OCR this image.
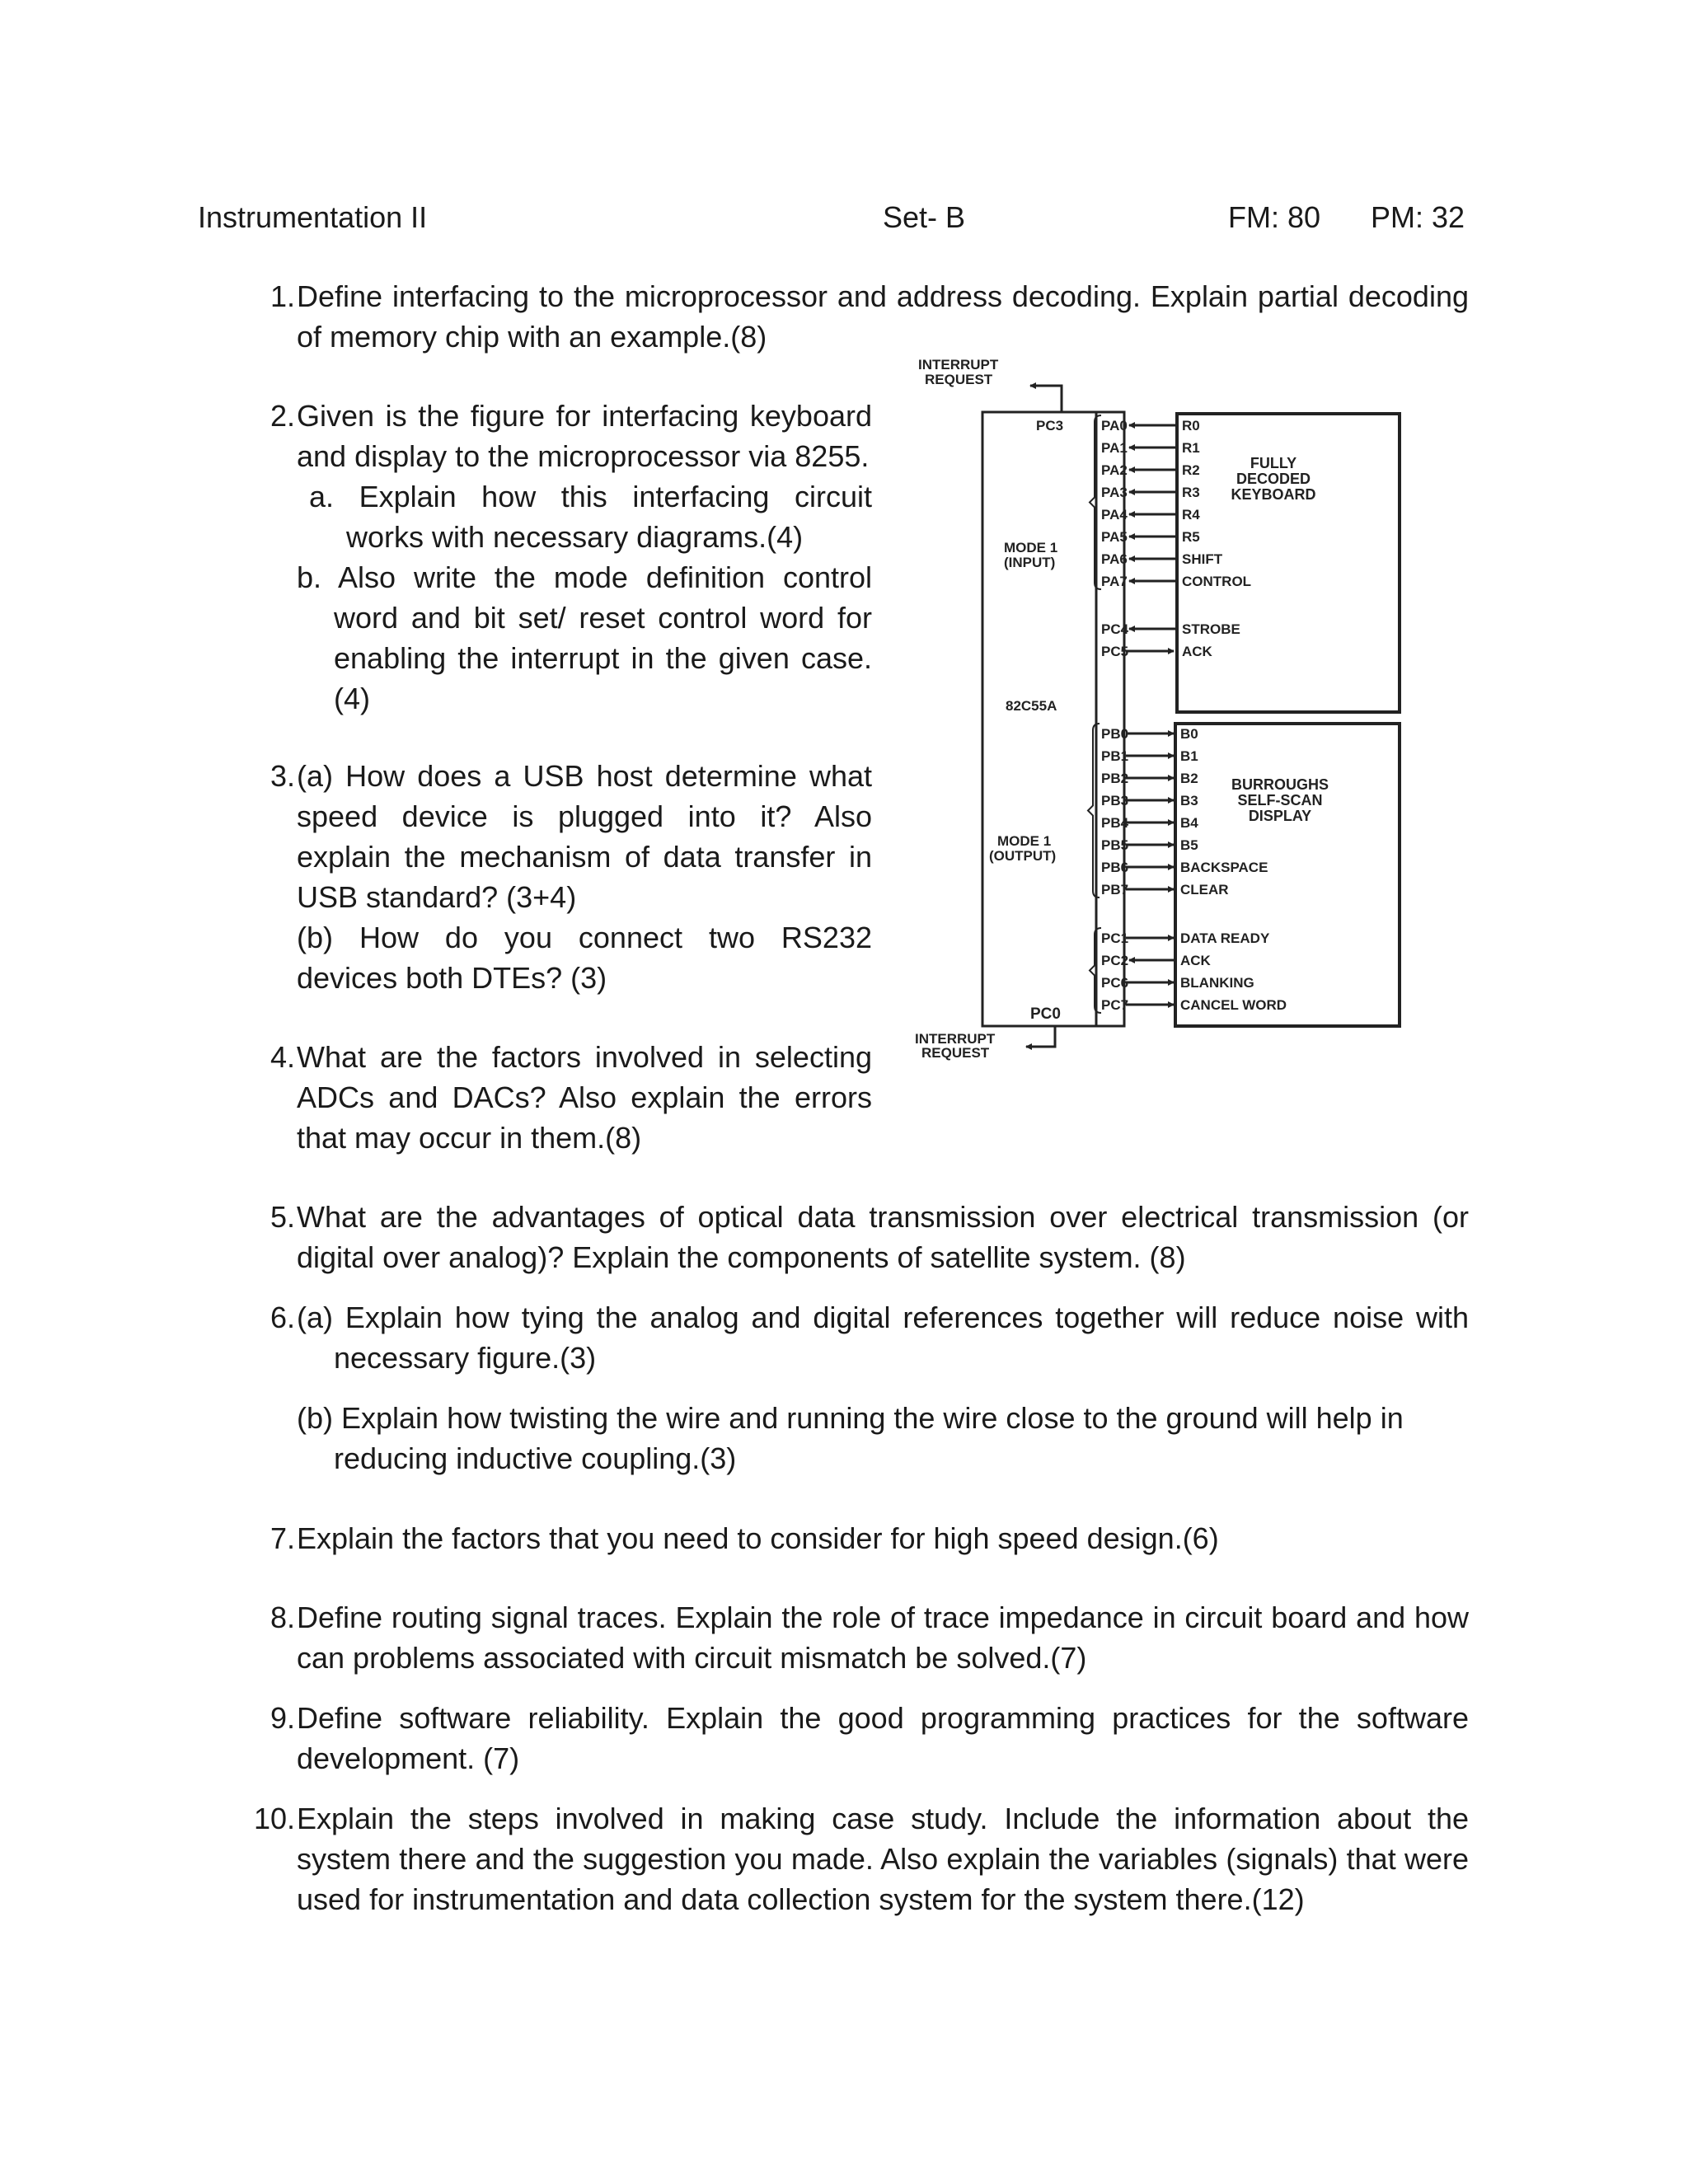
Instrumentation II	Set- B	FM: 80 PM: 32
1. Define interfacing to the microprocessor and address decoding. Explain partial decoding of memory chip with an example.(8)
2. Given is the figure for interfacing keyboard and display to the microprocessor via 8255.
a. Explain how this interfacing circuit works with necessary diagrams.(4)
b. Also write the mode definition control word and bit set/ reset control word for enabling the interrupt in the given case.(4)
3. (a) How does a USB host determine what speed device is plugged into it? Also explain the mechanism of data transfer in USB standard? (3+4)
(b) How do you connect two RS232 devices both DTEs? (3)
4. What are the factors involved in selecting ADCs and DACs? Also explain the errors that may occur in them.(8)
5. What are the advantages of optical data transmission over electrical transmission (or digital over analog)? Explain the components of satellite system. (8)
6. (a) Explain how tying the analog and digital references together will reduce noise with necessary figure.(3)
(b) Explain how twisting the wire and running the wire close to the ground will help in reducing inductive coupling.(3)
7. Explain the factors that you need to consider for high speed design.(6)
8. Define routing signal traces. Explain the role of trace impedance in circuit board and how can problems associated with circuit mismatch be solved.(7)
9. Define software reliability. Explain the good programming practices for the software development. (7)
10. Explain the steps involved in making case study. Include the information about the system there and the suggestion you made. Also explain the variables (signals) that were used for instrumentation and data collection system for the system there.(12)
PA0	R0
PA1	R1
PA2	R2
PA3	R3
PA4	R4
PA5	R5
PA6	SHIFT
PA7	CONTROL
PC4	STROBE
PC5	ACK
PB0	B0
PB1	B1
PB2	B2
PB3	B3
PB4	B4
PB5	B5
PB6	BACKSPACE
PB7	CLEAR
PC1	DATA READY
PC2	ACK
PC6	BLANKING
PC7	CANCEL WORD
INTERRUPT
REQUEST
INTERRUPT
REQUEST
PC3
PC0
82C55A
MODE 1
(INPUT)
MODE 1
(OUTPUT)
FULLY
DECODED
KEYBOARD
BURROUGHS
SELF-SCAN
DISPLAY
